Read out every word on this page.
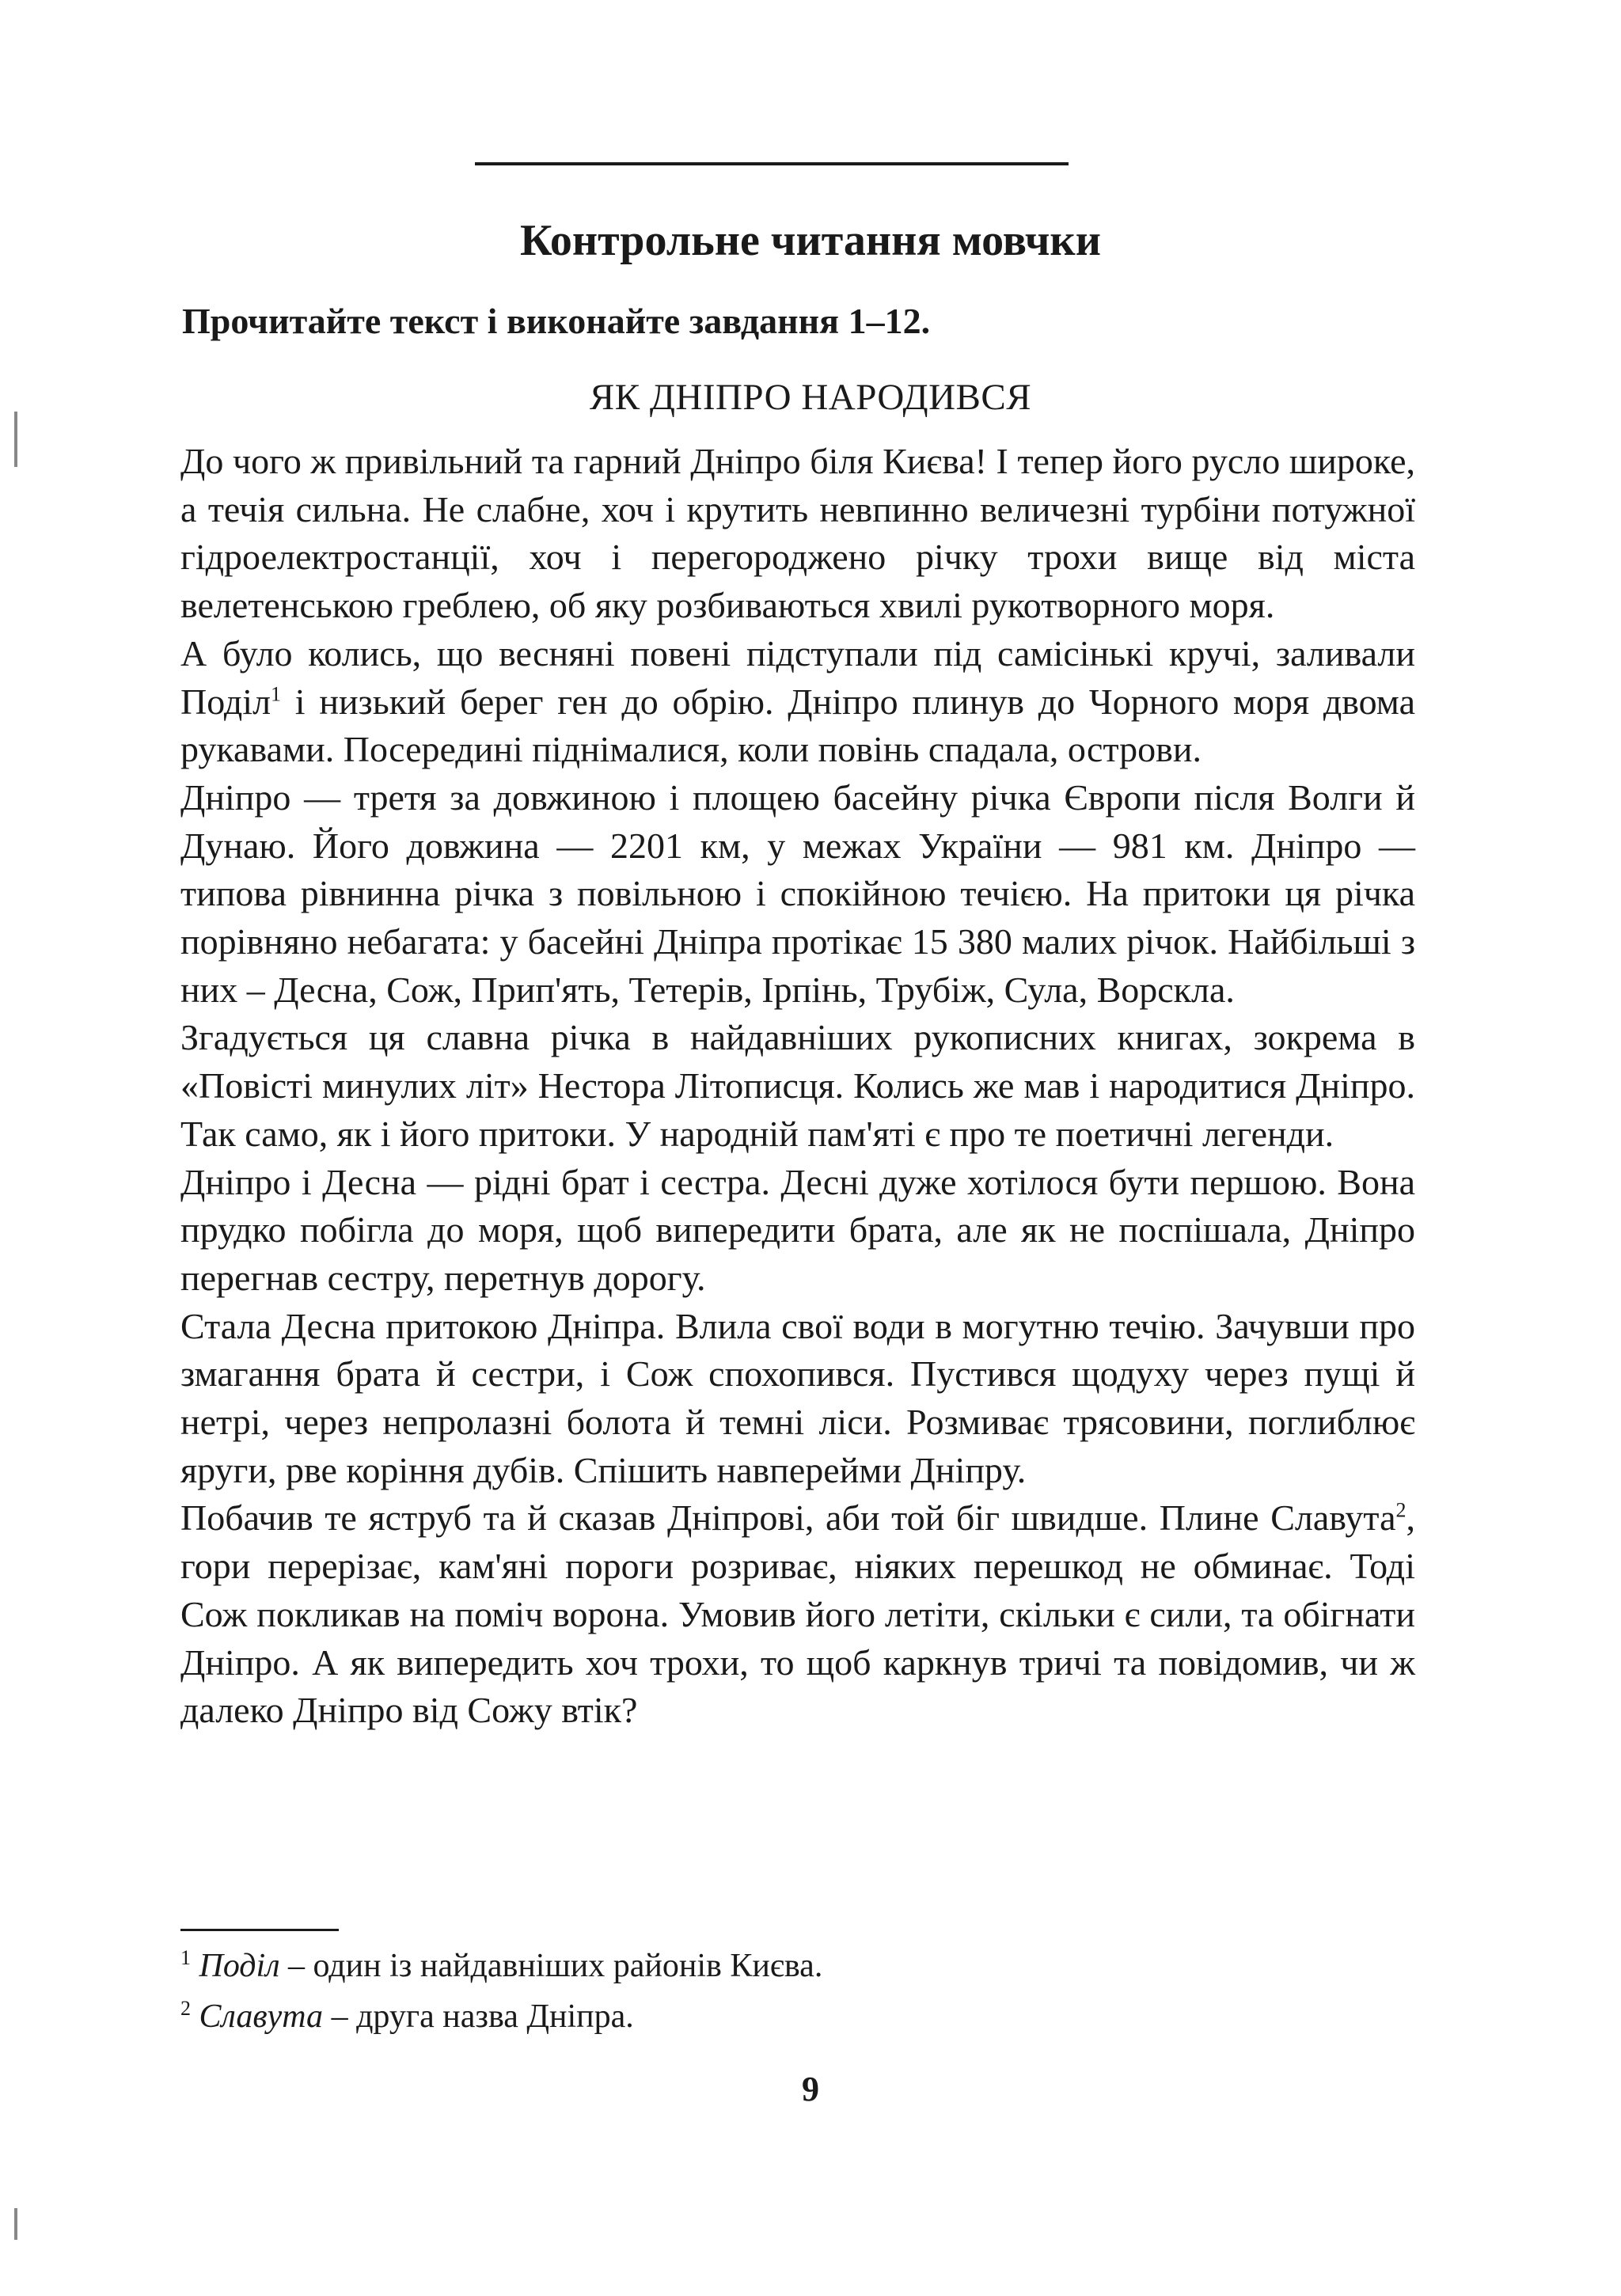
Контрольне читання мовчки
Прочитайте текст і виконайте завдання 1–12.
ЯК ДНІПРО НАРОДИВСЯ

До чого ж привільний та гарний Дніпро біля Києва! І тепер його русло широке, а течія сильна. Не слабне, хоч і крутить невпинно величезні турбіни потужної гідроелектростанції, хоч і перегороджено річку трохи вище від міста велетенською греблею, об яку розбиваються хвилі рукотворного моря.

А було колись, що весняні повені підступали під самісінькі кручі, заливали Поділ$^1$ і низький берег ген до обрію. Дніпро плинув до Чорного моря двома рукавами. Посередині піднімалися, коли повінь спадала, острови.

Дніпро — третя за довжиною і площею басейну річка Європи після Волги й Дунаю. Його довжина — 2201 км, у межах України — 981 км. Дніпро — типова рівнинна річка з повільною і спокійною течією. На притоки ця річка порівняно небагата: у басейні Дніпра протікає 15 380 малих річок. Найбільші з них – Десна, Сож, Прип'ять, Тетерів, Ірпінь, Трубіж, Сула, Ворскла.

Згадується ця славна річка в найдавніших рукописних книгах, зокрема в «Повісті минулих літ» Нестора Літописця. Колись же мав і народитися Дніпро. Так само, як і його притоки. У народній пам'яті є про те поетичні легенди.

Дніпро і Десна — рідні брат і сестра. Десні дуже хотілося бути першою. Вона прудко побігла до моря, щоб випередити брата, але як не поспішала, Дніпро перегнав сестру, перетнув дорогу.

Стала Десна притокою Дніпра. Влила свої води в могутню течію. Зачувши про змагання брата й сестри, і Сож спохопився. Пустився щодуху через пущі й нетрі, через непролазні болота й темні ліси. Розмиває трясовини, поглиблює яруги, рве коріння дубів. Спішить навперейми Дніпру.

Побачив те яструб та й сказав Дніпрові, аби той біг швидше. Плине Славута$^2$, гори перерізає, кам'яні пороги розриває, ніяких перешкод не обминає. Тоді Сож покликав на поміч ворона. Умовив його летіти, скільки є сили, та обігнати Дніпро. А як випередить хоч трохи, то щоб каркнув тричі та повідомив, чи ж далеко Дніпро від Сожу втік?

$^1$ Поділ – один із найдавніших районів Києва.

$^2$ Славута – друга назва Дніпра.

9
